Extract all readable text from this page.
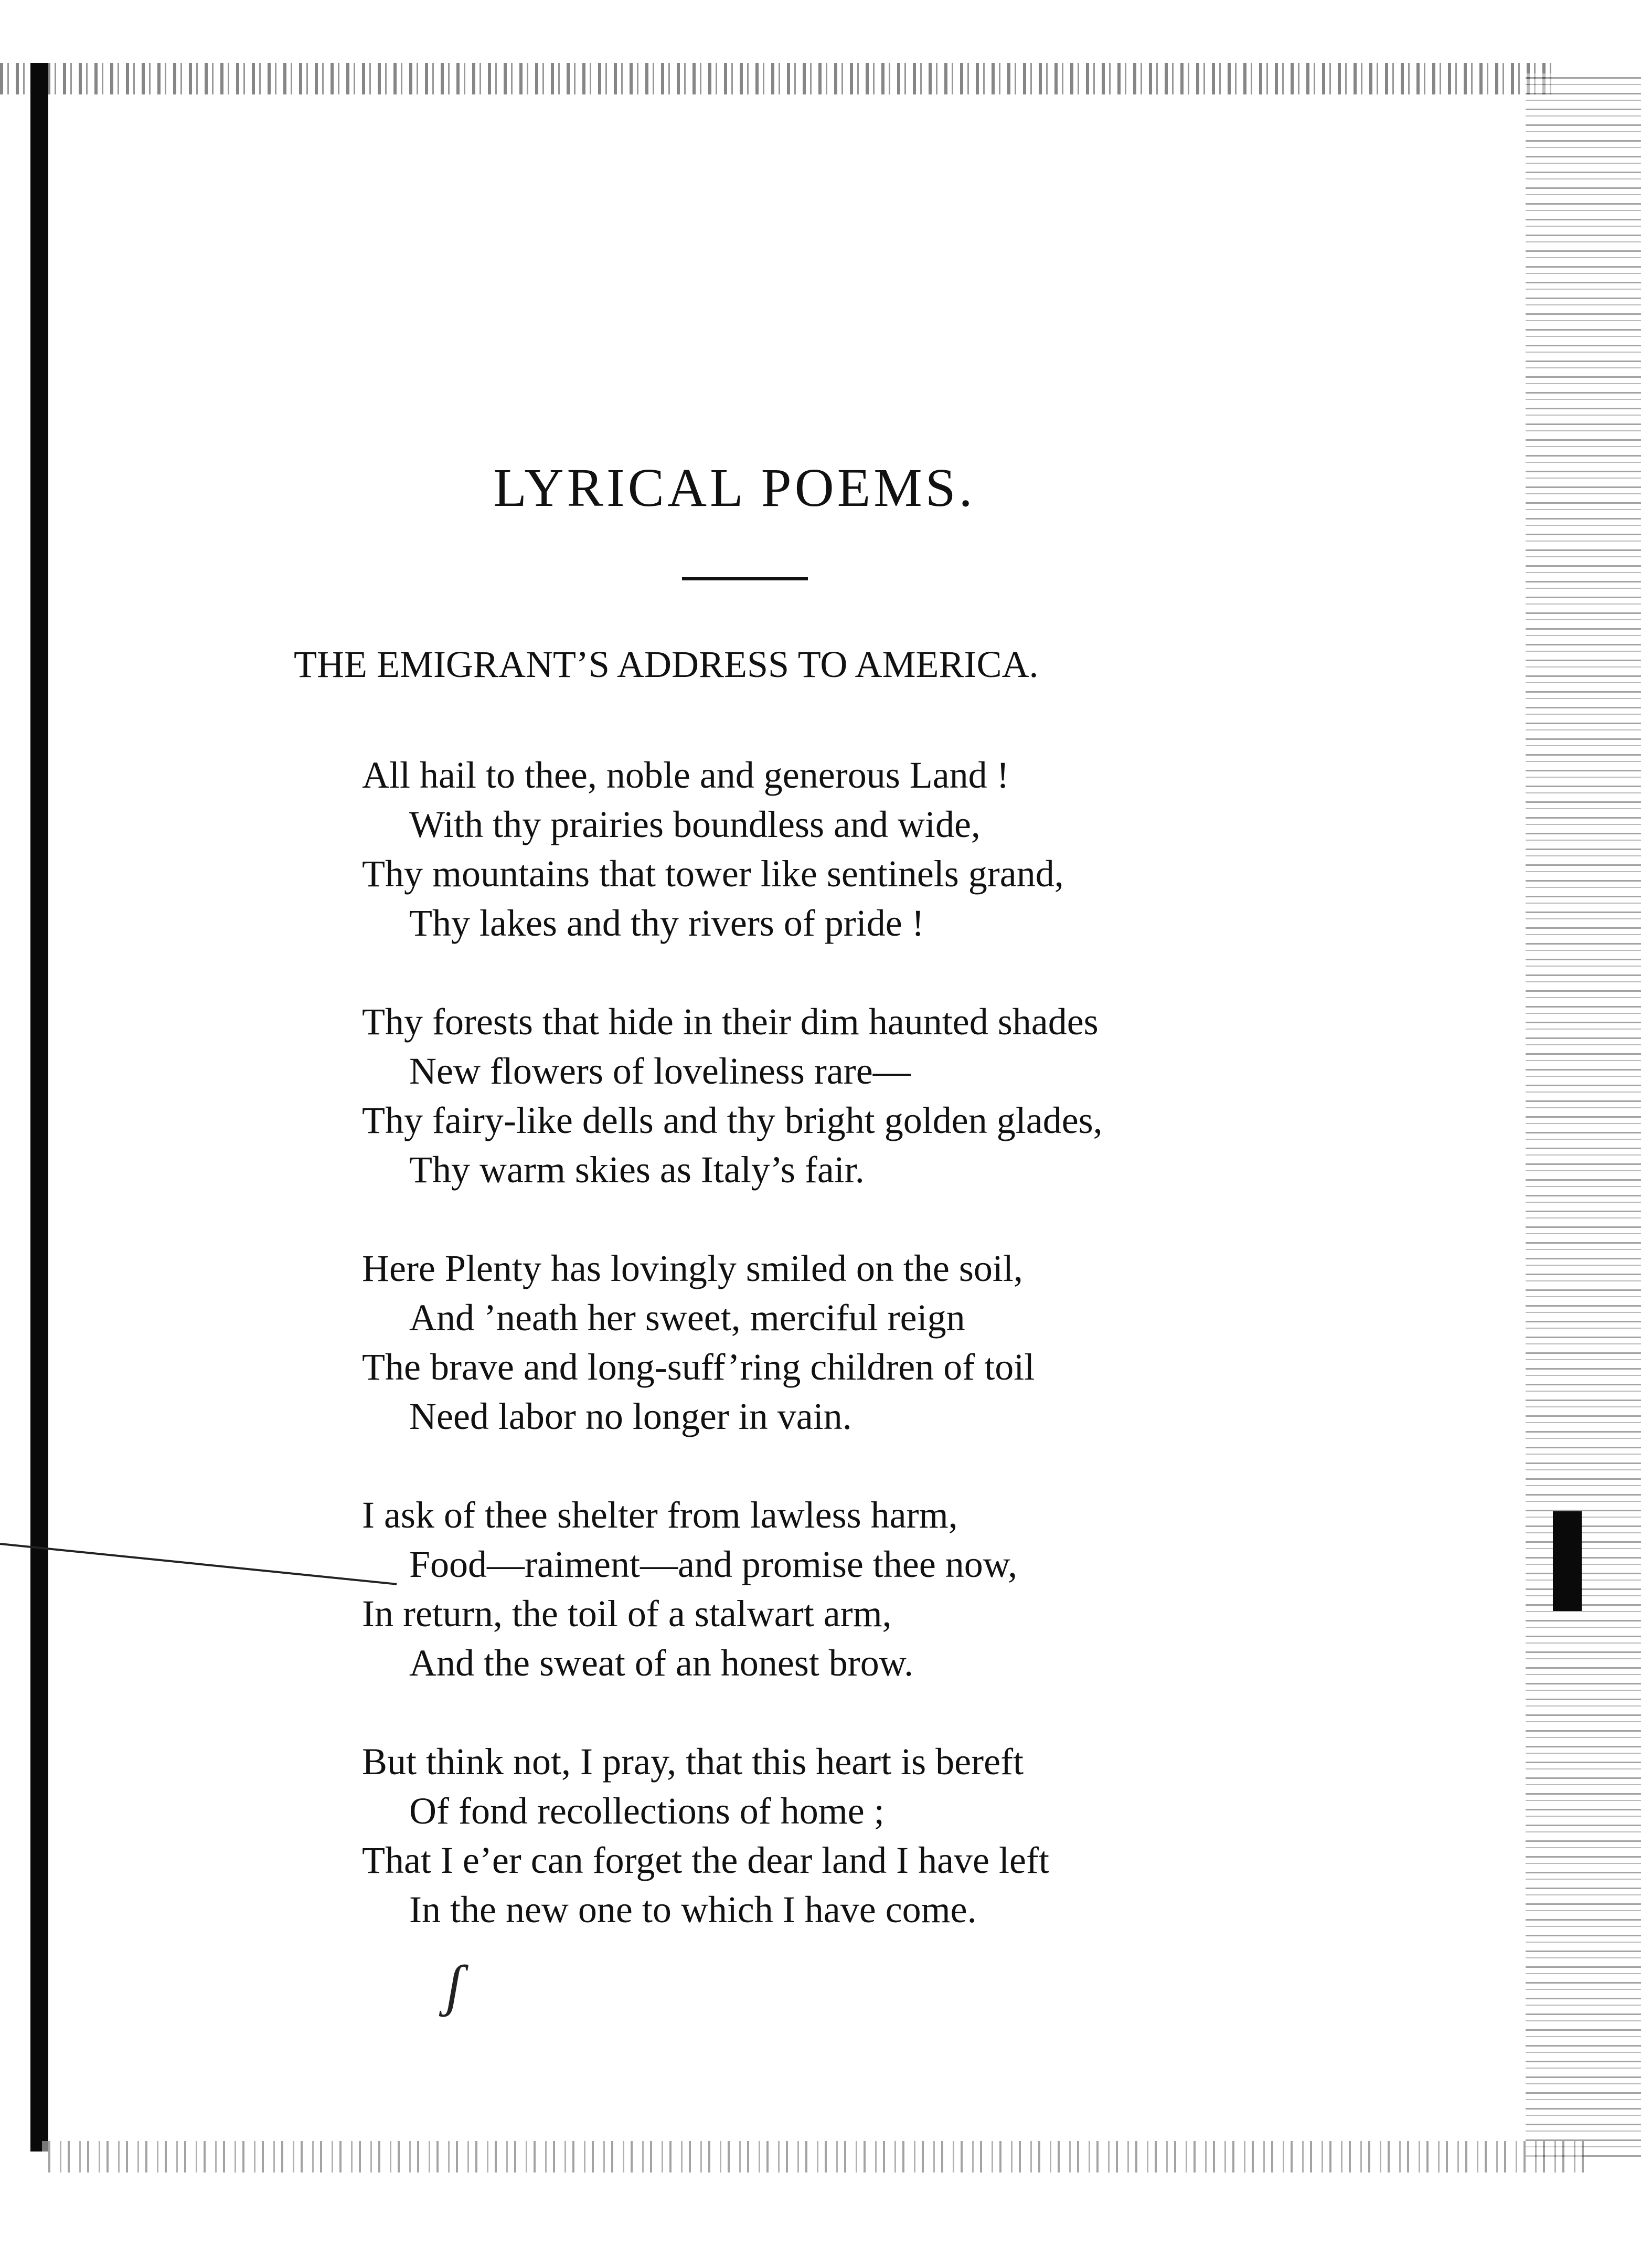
LYRICAL POEMS.
THE EMIGRANT’S ADDRESS TO AMERICA.
All hail to thee, noble and generous Land !
With thy prairies boundless and wide,
Thy mountains that tower like sentinels grand,
Thy lakes and thy rivers of pride !
Thy forests that hide in their dim haunted shades
New flowers of loveliness rare—
Thy fairy-like dells and thy bright golden glades,
Thy warm skies as Italy’s fair.
Here Plenty has lovingly smiled on the soil,
And ’neath her sweet, merciful reign
The brave and long-suff’ring children of toil
Need labor no longer in vain.
I ask of thee shelter from lawless harm,
Food—raiment—and promise thee now,
In return, the toil of a stalwart arm,
And the sweat of an honest brow.
But think not, I pray, that this heart is bereft
Of fond recollections of home ;
That I e’er can forget the dear land I have left
In the new one to which I have come.
ʃ
